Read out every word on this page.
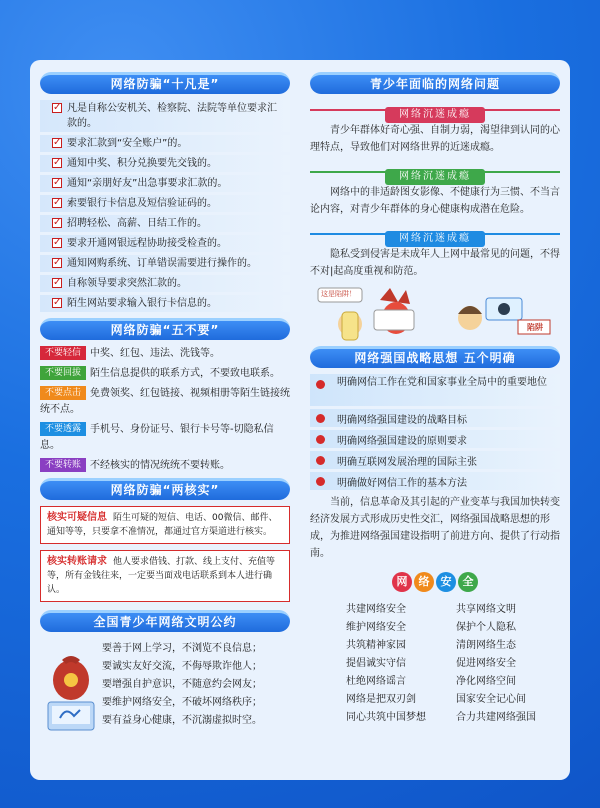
网络防骗“十凡是”
✓
凡是自称公安机关、检察院、法院等单位要求汇款的。
✓
要求汇款到“安全账户”的。
✓
通知中奖、积分兑换要先交钱的。
✓
通知“亲朋好友”出急事要求汇款的。
✓
索要银行卡信息及短信验证码的。
✓
招聘轻松、高薪、日结工作的。
✓
要求开通网银远程协助接受检查的。
✓
通知网购系统、订单错误需要进行操作的。
✓
自称领导要求突然汇款的。
✓
陌生网站要求输入银行卡信息的。
网络防骗“五不要”
不要轻信 中奖、红包、违法、洗钱等。
不要回拔 陌生信息提供的联系方式，不要致电联系。
不要点击 免费领奖、红包链接、视频相册等陌生链接统统不点。
不要透露 手机号、身份证号、银行卡号等-切隐私信息。
不要转账 不经核实的情况统统不要转账。
网络防骗“两核实”
核实可疑信息 陌生可疑的短信、电话、00微信、邮件、通知等等，只要拿不准情况，都通过官方渠道进行核实。
核实转账请求 他人要求借钱、打款、线上支付、充值等等，所有金钱往来，一定要当面戏电话联系到本人进行确认。
全国青少年网络文明公约
要善于网上学习，不浏览不良信息；
要诚实友好交流，不侮辱欺诈他人；
要增强自护意识，不随意约会网友；
要维护网络安全，不破坏网络秩序；
要有益身心健康，不沉溺虚拟时空。
青少年面临的网络问题
网络沉迷成瘾
青少年群体好奇心强、自制力弱，渴望律到认同的心理特点，导致他们对网络世界的近迷成瘾。
网络沉迷成瘾
网络中的非适龄图女影像、不健康行为三惯、不当言论内容，对青少年群体的身心健康构成潜在危险。
网络沉迷成瘾
隐私受到侵害是未成年人上网中最常见的问题，不得不对|起高度重视和防范。
这是陷阱！
陷阱
网络强国战略思想 五个明确
明确网信工作在党和国家事业全局中的重要地位
明确网络强国建设的战略目标
明确网络强国建设的原则要求
明确互联网发展治理的国际主张
明确做好网信工作的基本方法
当前，信息革命及其引起的产业变革与我国加快转变经济发展方式形成历史性交汇，网络强国战略思想的形成，为推进网络强国建设指明了前进方向、提供了行动指南。
网	络	安	全
共建网络安全	共享网络文明
维护网络安全	保护个人隐私
共筑精神家园	清朗网络生态
提倡诚实守信	促进网络安全
杜绝网络谣言	净化网络空间
网络是把双刃剑	国家安全记心间
同心共筑中国梦想	合力共建网络强国
